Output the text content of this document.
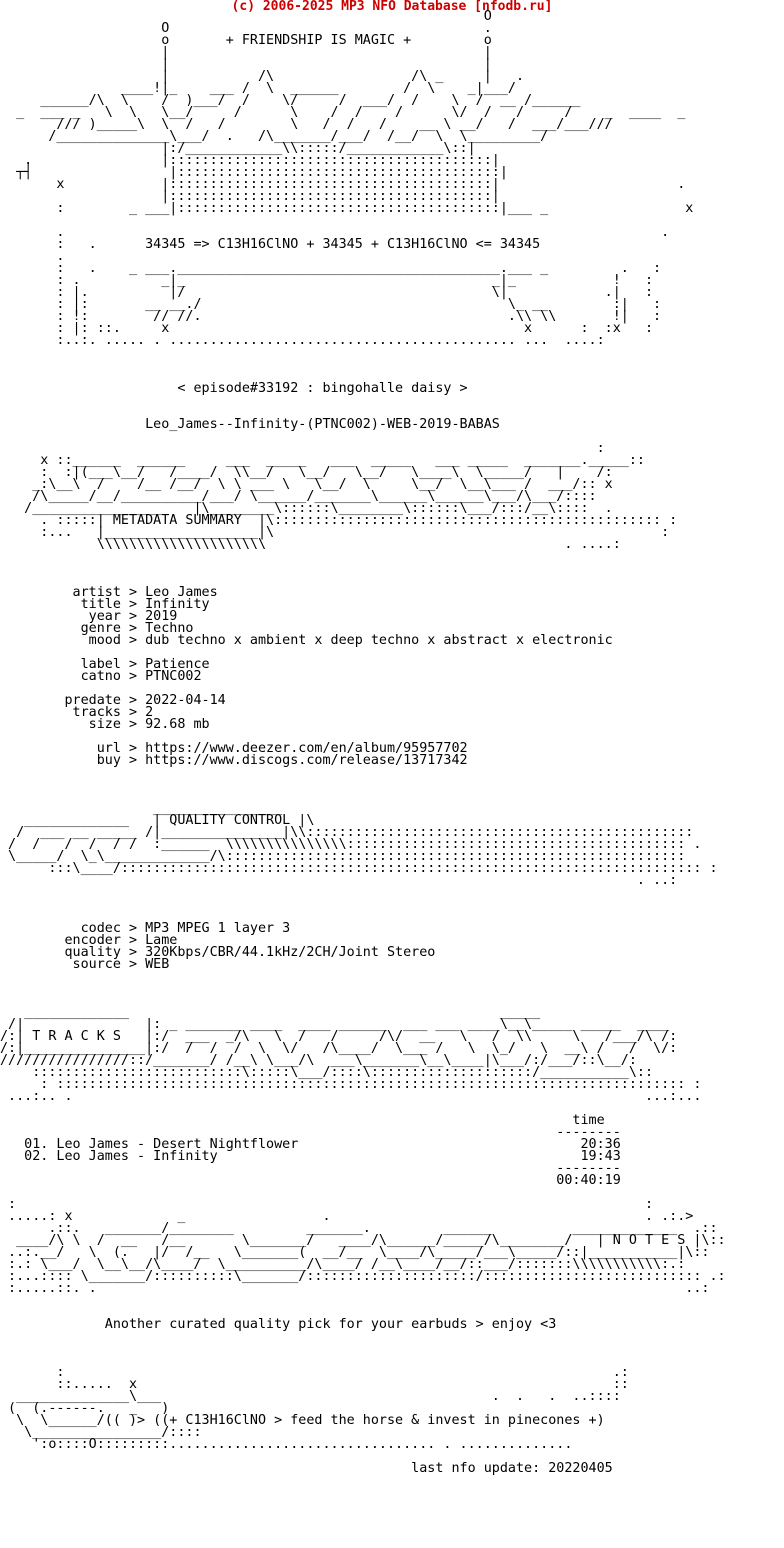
(c) 2006-2025 MP3 NFO Database [nfodb.ru]
O
O                                       .
o       + FRIENDSHIP IS MAGIC +         o
|                                       |
|                                       |
|           /\                 /\ _     |   .
____!|_    ___ /  \  ______        /  \    _|___/
______/\  \    /  )___/  /    \/     /  ___/  /    \  /  __ /______
_  ___ _   \  \   \__/     /      \    /  /    /      \/  /   /     /    _  ____  _
/// )_____\  \  /   /        \   /  /   /    __ \ __/   /  ___/___///
/______________\___/  .   /\_______/___/  /__/  \  \_________/
|:/____________\\:::::/____________\::|
.                |::::::::::::::::::::::::::::::::::::::::|
┬┤                 |::::::::::::::::::::::::::::::::::::::::|
x            |::::::::::::::::::::::::::::::::::::::::|                      .
|::::::::::::::::::::::::::::::::::::::::|
:        _ ___|::::::::::::::::::::::::::::::::::::::::|___ _                 x

.                                                                          .
:   .      34345 => C13H16ClNO + 34345 + C13H16ClNO <= 34345
.
:   .    _ ___.________________________________________.___ _         .   :
: .          _|_                                      _|_            !   :
: |.          |/                                      \|            .|   :
: |:       __ __./                                      \_ __        :|   :
: !:        // //.                                      .\\ \\       !|   :
: |: ::.     x                                            x      :  :x   :
:..:. ..... . ........................................... ...  ....:

< episode#33192 : bingohalle daisy >

Leo_James--Infinity-(PTNC002)-WEB-2019-BABAS

:
x ::______  ______     ___  _____   ___  _____   ___ _____  _______._____::
:  :|(___\__/   /____/  \\__/   \__/   \__/   \____\  \_____/   |    /:
_:\__\  /    /__ /__/  \ \ ___ \   \__/  \     \__/  \__\___ /  ___/:: x
/\_____/__/__________/___/ \______/_______\______\______\___/\___/::::
/________________    |\________\::::::\________\::::::\___/:::/__\::::  .
. :::::| METADATA SUMMARY  |\:::::::::::::::::::::::::::::::::::::::::::::::: :
:...   |___________________|\                                                :
\\\\\\\\\\\\\\\\\\\\\                                     . ....:

artist > Leo James
title > Infinity
year > 2019
genre > Techno
mood > dub techno x ambient x deep techno x abstract x electronic

label > Patience
catno > PTNC002

predate > 2022-04-14
tracks > 2
size > 92.68 mb

url > https://www.deezer.com/en/album/95957702
buy > https://www.discogs.com/release/13717342

________________
_____________   | QUALITY CONTROL |\
/  ___ __ _____ /|_______________|\\::::::::::::::::::::::::::::::::::::::::::::::::
/  /   /  /  / /  :______  \\\\\\\\\\\\\\\:::::::::::::::::::::::::::::::::::::::::: .
\_____/  \_\_____________/\:::::::::::::::::::::::::::::::::::::::::::::::::::::::::
:::\____/:::::::::::::::::::::::::::::::::::::::::::::::::::::::::::::::::::::::: :
. ..:

codec > MP3 MPEG 1 layer 3
encoder > Lame
quality > 320Kbps/CBR/44.1kHz/2CH/Joint Stereo
source > WEB

_____________                                              _____
/|               |: _ _______ ____  ____ ______  ___ ___ ____\__\_____ _____  ____
/:| T R A C K S   |:/  ___  _/\   \  /   /     /\/  __   \   /  \\     \   /___/\ /:
/:|_______________|:/  /  /  /  \  \/   /\____/  \___ /   \  \_/   \  __\ /   /  \/:
////////////////::/_______/ /__\ \___/\  ___\_______\__\____|\___/:/___/::\__/:
::::::::::::::::::::::::::\:::::\___/::::\::::::::::::::::::::/___________\::
: :::::::::::::::::::::::::::::::::::::::::::::::::::::::::::::::::::::::::::::: :
...:.. .                                                                       ...:...

time
--------
01. Leo James - Desert Nightflower                                   20:36
02. Leo James - Infinity                                             19:43
--------
00:40:19

:                                                                              :
.....: x             _                 .                                       . .:.>
.::.   _______/________         _______.         ______          _____________  .::
____/\ \  /  __   /__       \_______/   ____/\______/_____/\________/   | N O T E S |\::
..:.__/   \  (.   |/  /__   \_______(  __/__  \____/\_____/___\_____/::|___________|\::
:.: \___/  \__\__/\____/  \__________/\____/ /__\____/__/::___/:::::::\\\\\\\\\\\:.:
:...:::: \_______/::::::::::\_______/:::::::::::::::::::::/::::::::::::::::::::::::::: .:
:.....::. .                                                                         ..:

Another curated quality pick for your earbuds > enjoy <3

:                                                                    .:
::.....  x                                                           ::
______________\___                                         .  .   .  ..::::
(  (.------.   _   )
\  \______/(( )> ((+ C13H16ClNO > feed the horse & invest in pinecones +)
\________________/::::
':o::::O:::::::::................................. . ..............

last nfo update: 20220405
